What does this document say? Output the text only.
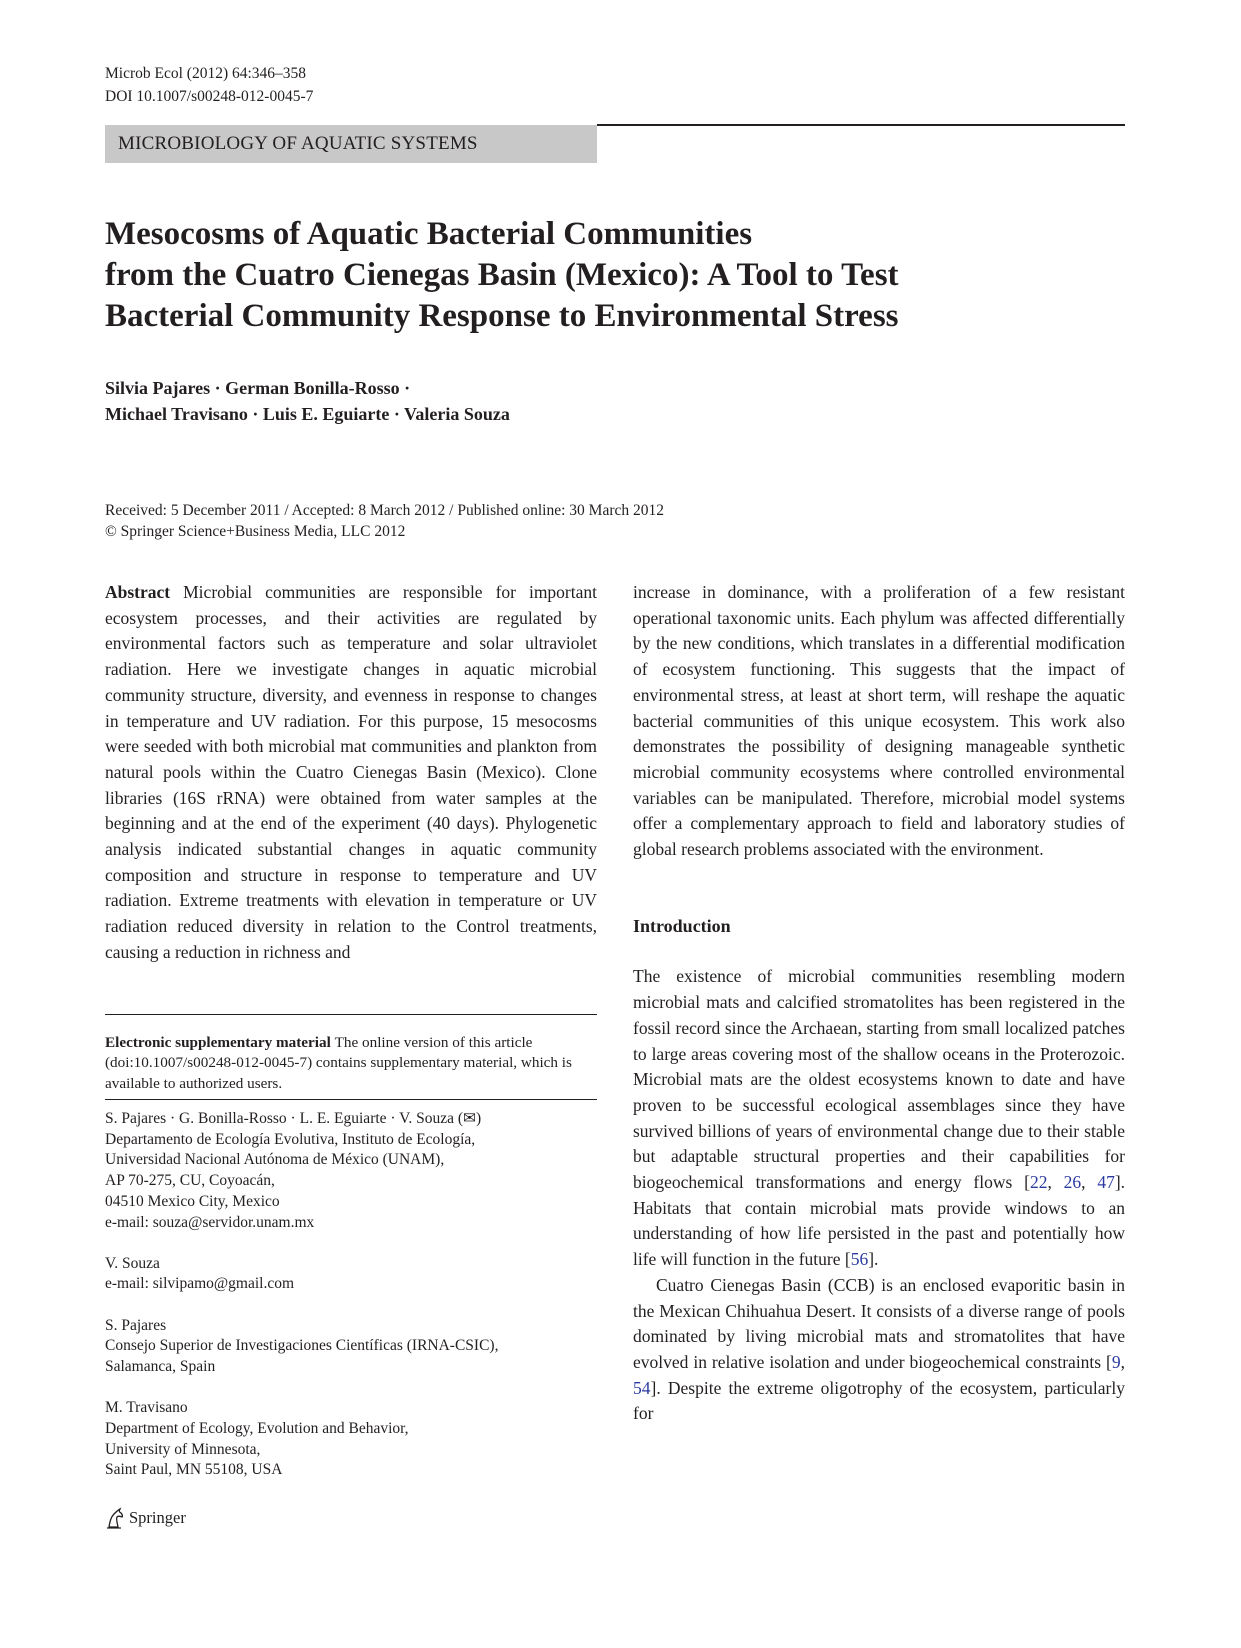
Microb Ecol (2012) 64:346–358
DOI 10.1007/s00248-012-0045-7
MICROBIOLOGY OF AQUATIC SYSTEMS
Mesocosms of Aquatic Bacterial Communities
from the Cuatro Cienegas Basin (Mexico): A Tool to Test
Bacterial Community Response to Environmental Stress
Silvia Pajares · German Bonilla-Rosso ·
Michael Travisano · Luis E. Eguiarte · Valeria Souza
Received: 5 December 2011 / Accepted: 8 March 2012 / Published online: 30 March 2012
© Springer Science+Business Media, LLC 2012

Abstract Microbial communities are responsible for important ecosystem processes, and their activities are regulated by environmental factors such as temperature and solar ultraviolet radiation. Here we investigate changes in aquatic microbial community structure, diversity, and evenness in response to changes in temperature and UV radiation. For this purpose, 15 mesocosms were seeded with both microbial mat communities and plankton from natural pools within the Cuatro Cienegas Basin (Mexico). Clone libraries (16S rRNA) were obtained from water samples at the beginning and at the end of the experiment (40 days). Phylogenetic analysis indicated substantial changes in aquatic community composition and structure in response to temperature and UV radiation. Extreme treatments with elevation in temperature or UV radiation reduced diversity in relation to the Control treatments, causing a reduction in richness and

Electronic supplementary material The online version of this article (doi:10.1007/s00248-012-0045-7) contains supplementary material, which is available to authorized users.
S. Pajares · G. Bonilla-Rosso · L. E. Eguiarte · V. Souza (✉)
Departamento de Ecología Evolutiva, Instituto de Ecología,
Universidad Nacional Autónoma de México (UNAM),
AP 70-275, CU, Coyoacán,
04510 Mexico City, Mexico
e-mail: souza@servidor.unam.mx
V. Souza
e-mail: silvipamo@gmail.com
S. Pajares
Consejo Superior de Investigaciones Científicas (IRNA-CSIC),
Salamanca, Spain
M. Travisano
Department of Ecology, Evolution and Behavior,
University of Minnesota,
Saint Paul, MN 55108, USA

increase in dominance, with a proliferation of a few resistant operational taxonomic units. Each phylum was affected differentially by the new conditions, which translates in a differential modification of ecosystem functioning. This suggests that the impact of environmental stress, at least at short term, will reshape the aquatic bacterial communities of this unique ecosystem. This work also demonstrates the possibility of designing manageable synthetic microbial community ecosystems where controlled environmental variables can be manipulated. Therefore, microbial model systems offer a complementary approach to field and laboratory studies of global research problems associated with the environment.

Introduction

The existence of microbial communities resembling modern microbial mats and calcified stromatolites has been registered in the fossil record since the Archaean, starting from small localized patches to large areas covering most of the shallow oceans in the Proterozoic. Microbial mats are the oldest ecosystems known to date and have proven to be successful ecological assemblages since they have survived billions of years of environmental change due to their stable but adaptable structural properties and their capabilities for biogeochemical transformations and energy flows [22, 26, 47]. Habitats that contain microbial mats provide windows to an understanding of how life persisted in the past and potentially how life will function in the future [56].

Cuatro Cienegas Basin (CCB) is an enclosed evaporitic basin in the Mexican Chihuahua Desert. It consists of a diverse range of pools dominated by living microbial mats and stromatolites that have evolved in relative isolation and under biogeochemical constraints [9, 54]. Despite the extreme oligotrophy of the ecosystem, particularly for

Springer
